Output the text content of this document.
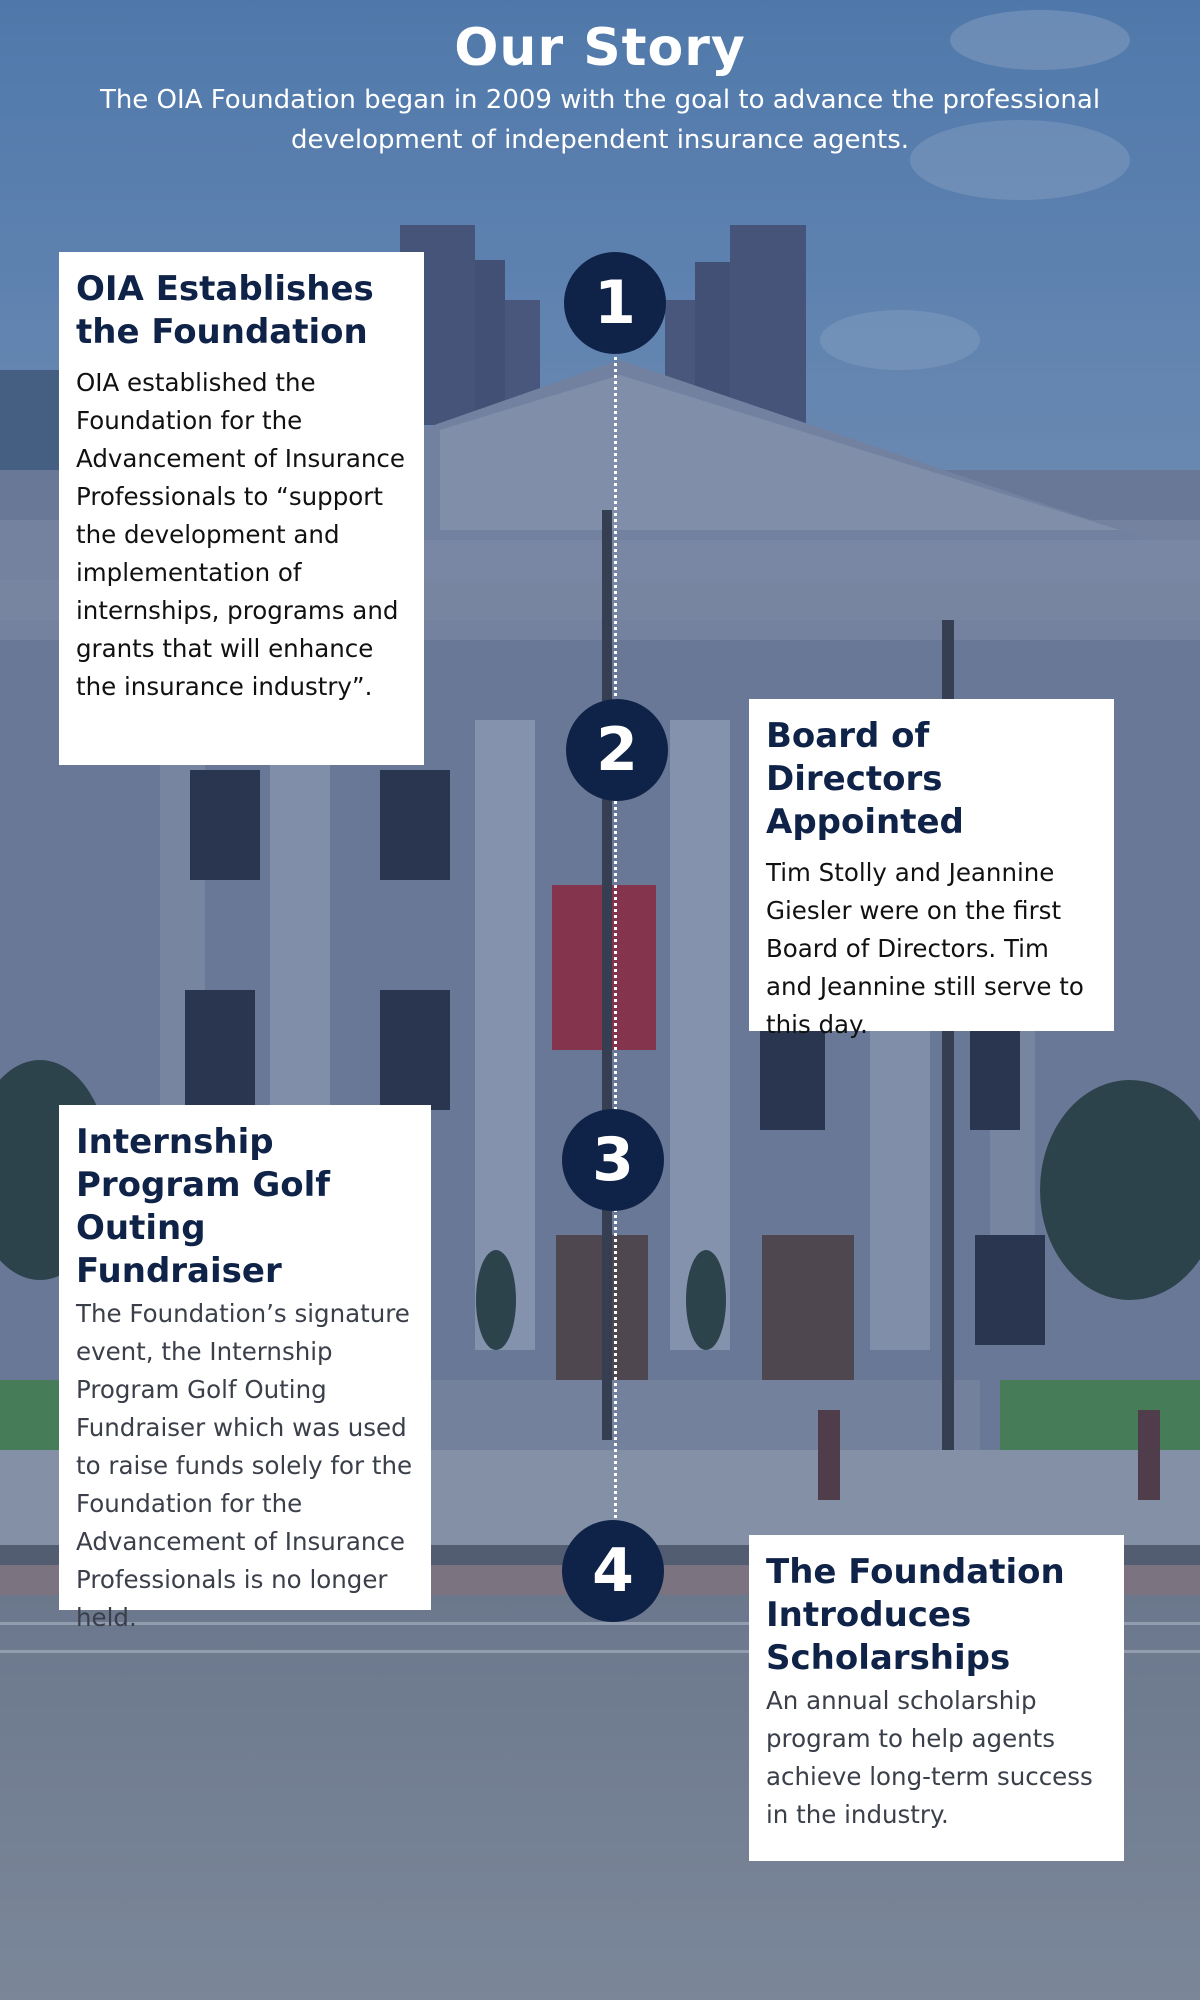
Our Story
The OIA Foundation began in 2009 with the goal to advance the professional development of independent insurance agents.
1
2
3
4
OIA Establishes the Foundation

OIA established the Foundation for the Advancement of Insurance Professionals to “support the development and implementation of internships, programs and grants that will enhance the insurance industry”.

Board of Directors Appointed

Tim Stolly and Jeannine Giesler were on the first Board of Directors. Tim and Jeannine still serve to this day.

Internship Program Golf Outing Fundraiser

The Foundation’s signature event, the Internship Program Golf Outing Fundraiser which was used to raise funds solely for the Foundation for the Advancement of Insurance Professionals is no longer held.

The Foundation Introduces Scholarships

An annual scholarship program to help agents achieve long-term success in the industry.
